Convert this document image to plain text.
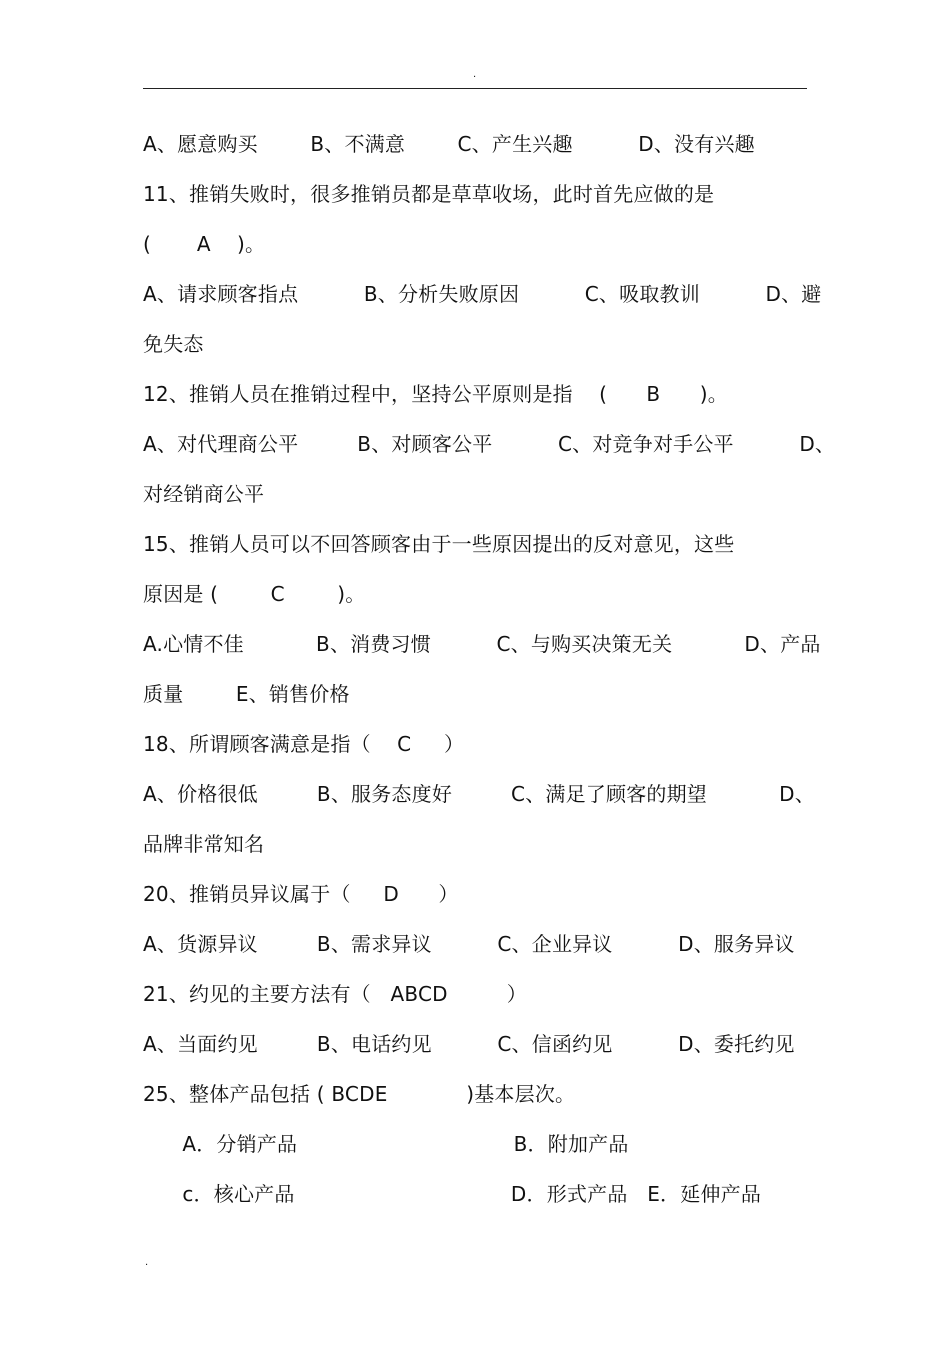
.
A、愿意购买        B、不满意        C、产生兴趣          D、没有兴趣
11、推销失败时，很多推销员都是草草收场，此时首先应做的是
(       A    )。
A、请求顾客指点          B、分析失败原因          C、吸取教训          D、避
免失态
12、推销人员在推销过程中，坚持公平原则是指    (      B      )。
A、对代理商公平         B、对顾客公平          C、对竞争对手公平          D、
对经销商公平
15、推销人员可以不回答顾客由于一些原因提出的反对意见，这些
原因是 (        C        )。
A.心情不佳           B、消费习惯          C、与购买决策无关           D、产品
质量        E、销售价格
18、所谓顾客满意是指（    C     ）
A、价格很低         B、服务态度好         C、满足了顾客的期望           D、
品牌非常知名
20、推销员异议属于（     D      ）
A、货源异议         B、需求异议          C、企业异议          D、服务异议
21、约见的主要方法有（   ABCD         ）
A、当面约见         B、电话约见          C、信函约见          D、委托约见
25、整体产品包括 ( BCDE            )基本层次。
A．分销产品                                 B．附加产品
c．核心产品                                 D．形式产品   E．延伸产品
.
